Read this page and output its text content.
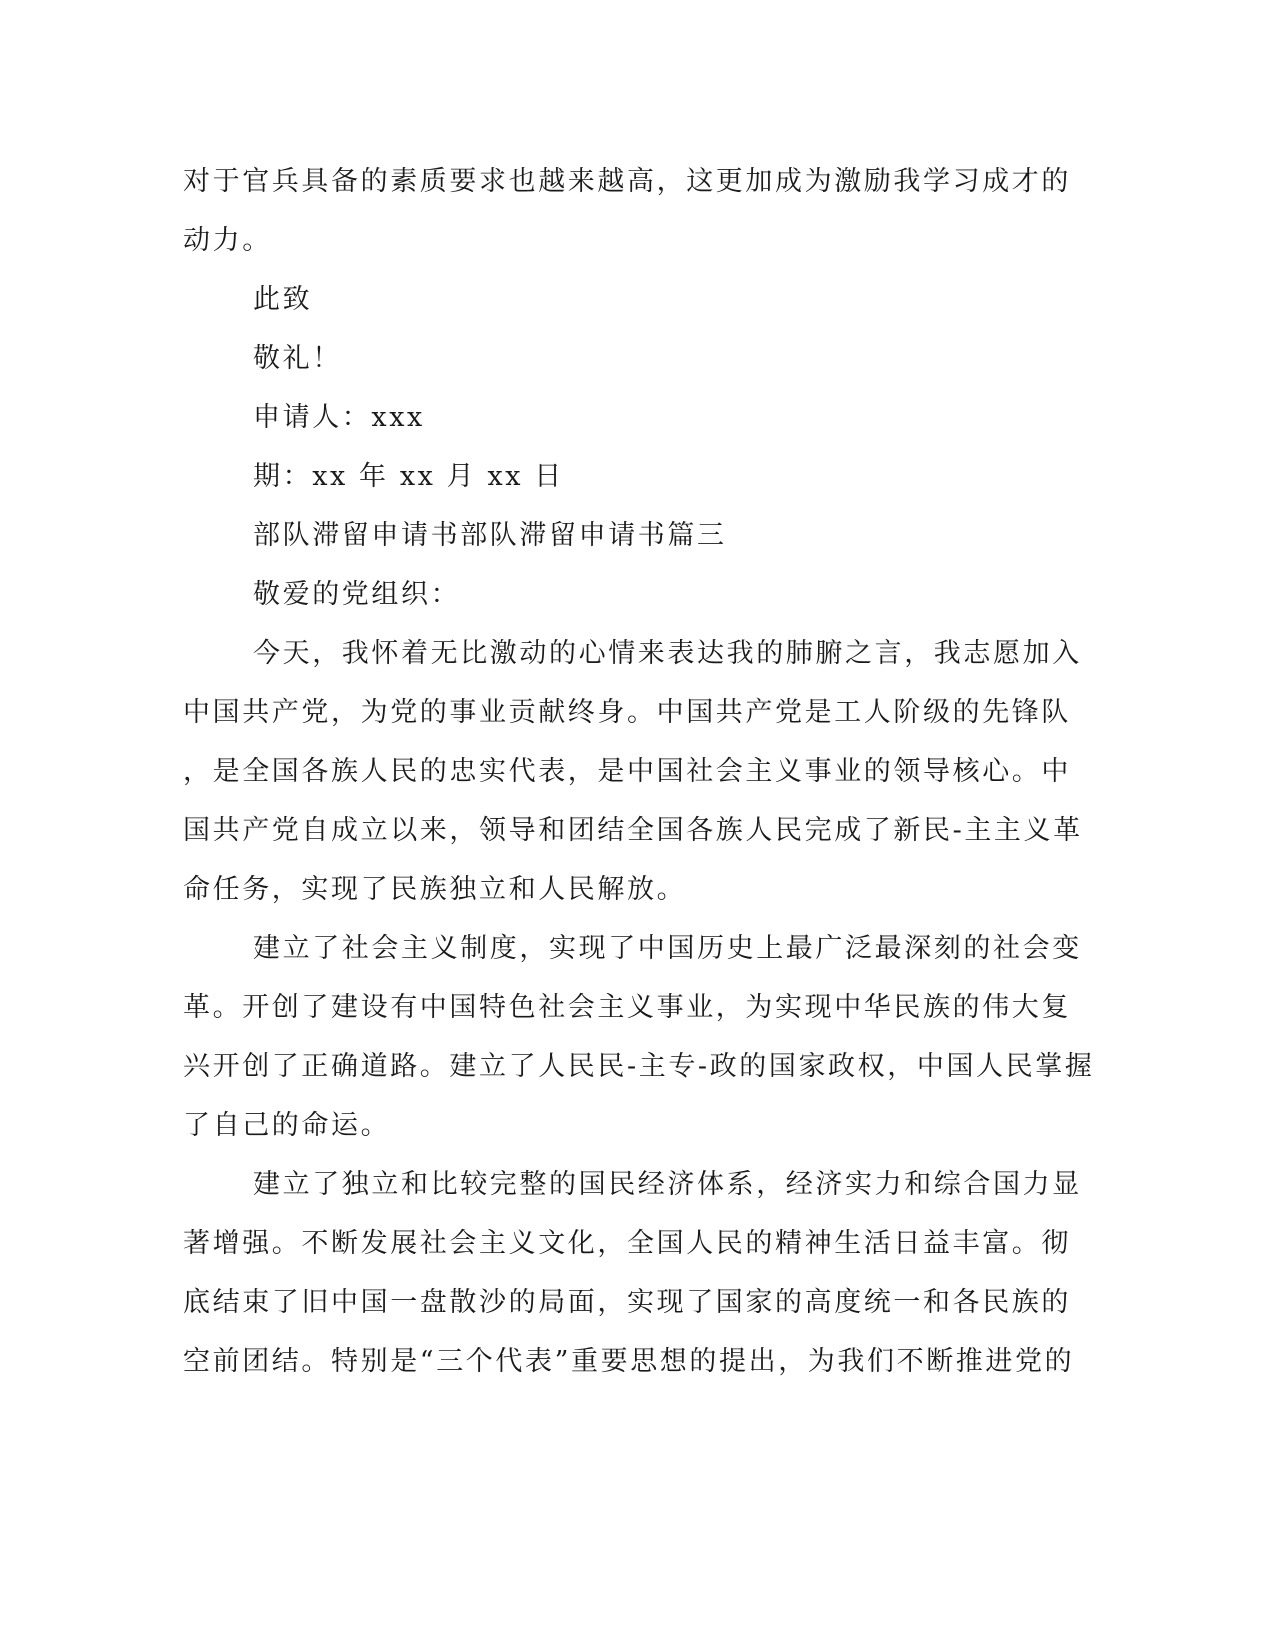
对于官兵具备的素质要求也越来越高，这更加成为激励我学习成才的
动力。
此致
敬礼！
申请人：xxx
期：xx 年 xx 月 xx 日
部队滞留申请书部队滞留申请书篇三
敬爱的党组织：
今天，我怀着无比激动的心情来表达我的肺腑之言，我志愿加入
中国共产党，为党的事业贡献终身。中国共产党是工人阶级的先锋队
，是全国各族人民的忠实代表，是中国社会主义事业的领导核心。中
国共产党自成立以来，领导和团结全国各族人民完成了新民-主主义革
命任务，实现了民族独立和人民解放。
建立了社会主义制度，实现了中国历史上最广泛最深刻的社会变
革。开创了建设有中国特色社会主义事业，为实现中华民族的伟大复
兴开创了正确道路。建立了人民民-主专-政的国家政权，中国人民掌握
了自己的命运。
建立了独立和比较完整的国民经济体系，经济实力和综合国力显
著增强。不断发展社会主义文化，全国人民的精神生活日益丰富。彻
底结束了旧中国一盘散沙的局面，实现了国家的高度统一和各民族的
空前团结。特别是“三个代表”重要思想的提出，为我们不断推进党的
